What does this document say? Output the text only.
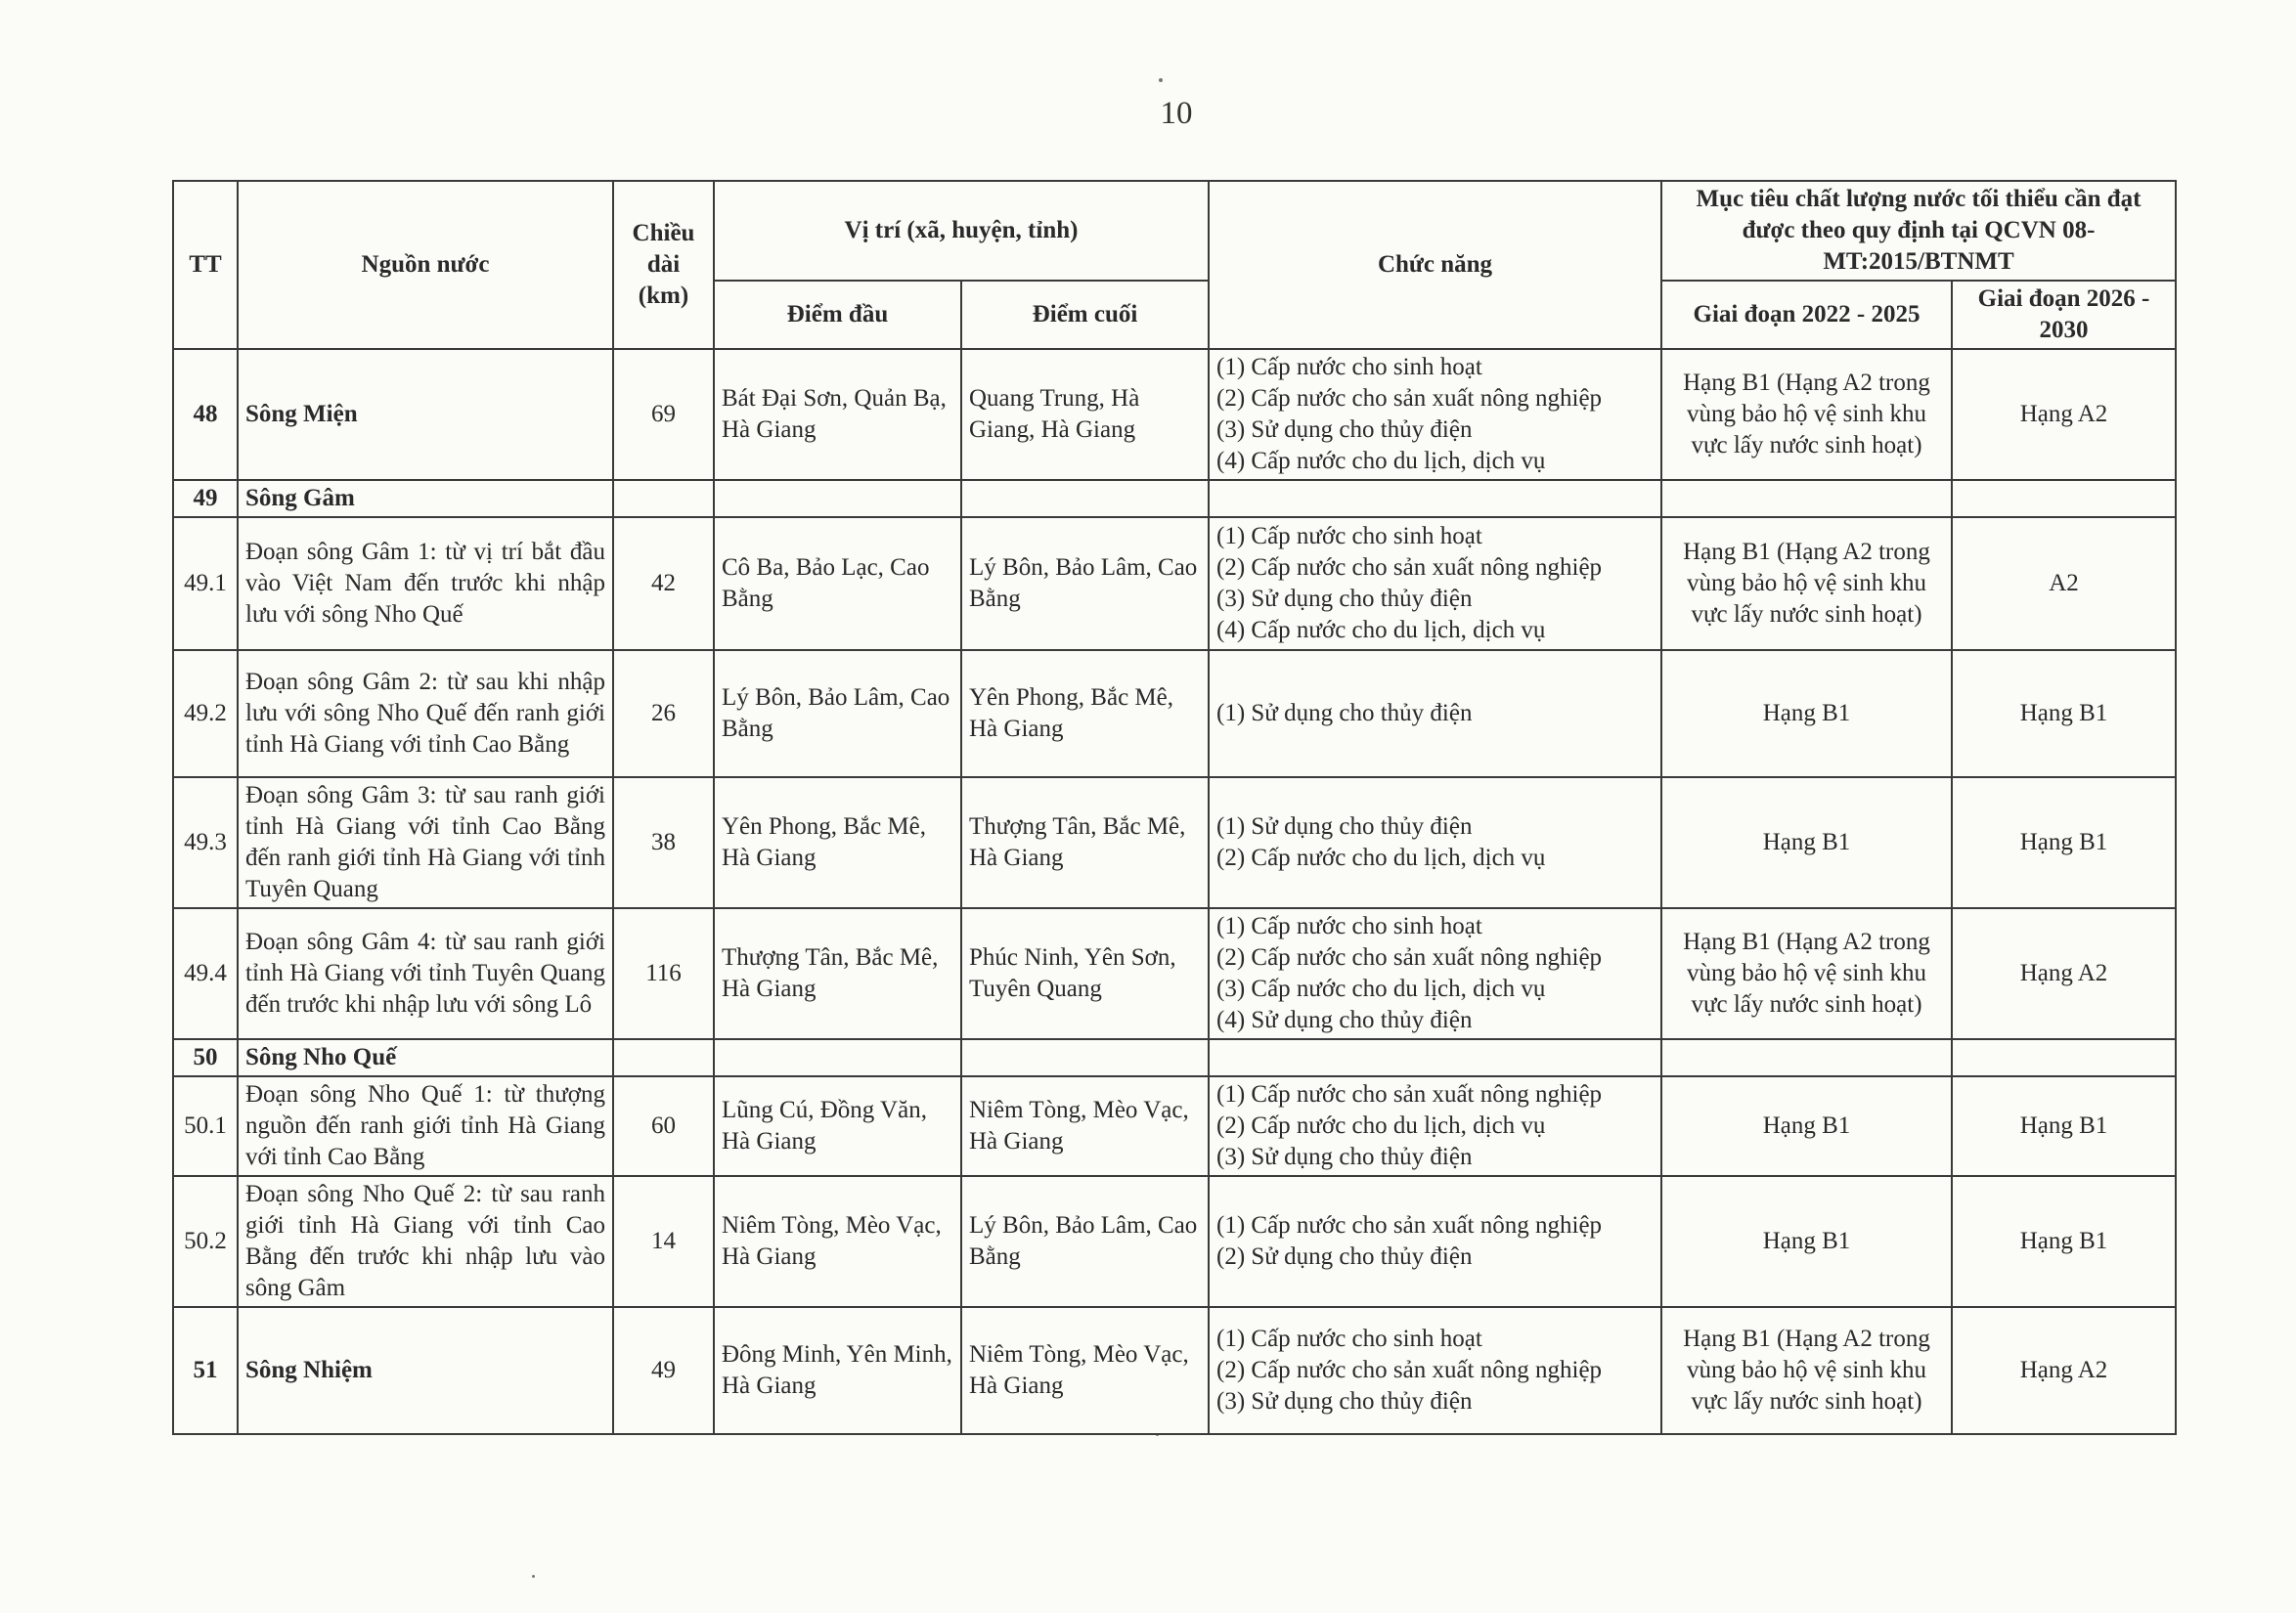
10
TT	Nguồn nước	Chiều dài (km)	Vị trí (xã, huyện, tỉnh)		Chức năng	Mục tiêu chất lượng nước tối thiểu cần đạt được theo quy định tại QCVN 08-MT:2015/BTNMT	

			Điểm đầu	Điểm cuối		Giai đoạn 2022 - 2025	Giai đoạn 2026 - 2030
48	Sông Miện	69	Bát Đại Sơn, Quản Bạ, Hà Giang	Quang Trung, Hà Giang, Hà Giang	(1) Cấp nước cho sinh hoạt
(2) Cấp nước cho sản xuất nông nghiệp
(3) Sử dụng cho thủy điện
(4) Cấp nước cho du lịch, dịch vụ	Hạng B1 (Hạng A2 trong vùng bảo hộ vệ sinh khu vực lấy nước sinh hoạt)	Hạng A2
49	Sông Gâm						
49.1	Đoạn sông Gâm 1: từ vị trí bắt đầu vào Việt Nam đến trước khi nhập lưu với sông Nho Quế	42	Cô Ba, Bảo Lạc, Cao Bằng	Lý Bôn, Bảo Lâm, Cao Bằng	(1) Cấp nước cho sinh hoạt
(2) Cấp nước cho sản xuất nông nghiệp
(3) Sử dụng cho thủy điện
(4) Cấp nước cho du lịch, dịch vụ	Hạng B1 (Hạng A2 trong vùng bảo hộ vệ sinh khu vực lấy nước sinh hoạt)	A2
49.2	Đoạn sông Gâm 2: từ sau khi nhập lưu với sông Nho Quế đến ranh giới tỉnh Hà Giang với tỉnh Cao Bằng	26	Lý Bôn, Bảo Lâm, Cao Bằng	Yên Phong, Bắc Mê, Hà Giang	(1) Sử dụng cho thủy điện	Hạng B1	Hạng B1
49.3	Đoạn sông Gâm 3: từ sau ranh giới tỉnh Hà Giang với tỉnh Cao Bằng đến ranh giới tỉnh Hà Giang với tỉnh Tuyên Quang	38	Yên Phong, Bắc Mê, Hà Giang	Thượng Tân, Bắc Mê, Hà Giang	(1) Sử dụng cho thủy điện
(2) Cấp nước cho du lịch, dịch vụ	Hạng B1	Hạng B1
49.4	Đoạn sông Gâm 4: từ sau ranh giới tỉnh Hà Giang với tỉnh Tuyên Quang đến trước khi nhập lưu với sông Lô	116	Thượng Tân, Bắc Mê, Hà Giang	Phúc Ninh, Yên Sơn, Tuyên Quang	(1) Cấp nước cho sinh hoạt
(2) Cấp nước cho sản xuất nông nghiệp
(3) Cấp nước cho du lịch, dịch vụ
(4) Sử dụng cho thủy điện	Hạng B1 (Hạng A2 trong vùng bảo hộ vệ sinh khu vực lấy nước sinh hoạt)	Hạng A2
50	Sông Nho Quế						
50.1	Đoạn sông Nho Quế 1: từ thượng nguồn đến ranh giới tỉnh Hà Giang với tỉnh Cao Bằng	60	Lũng Cú, Đồng Văn, Hà Giang	Niêm Tòng, Mèo Vạc, Hà Giang	(1) Cấp nước cho sản xuất nông nghiệp
(2) Cấp nước cho du lịch, dịch vụ
(3) Sử dụng cho thủy điện	Hạng B1	Hạng B1
50.2	Đoạn sông Nho Quế 2: từ sau ranh giới tỉnh Hà Giang với tỉnh Cao Bằng đến trước khi nhập lưu vào sông Gâm	14	Niêm Tòng, Mèo Vạc, Hà Giang	Lý Bôn, Bảo Lâm, Cao Bằng	(1) Cấp nước cho sản xuất nông nghiệp
(2) Sử dụng cho thủy điện	Hạng B1	Hạng B1
51	Sông Nhiệm	49	Đông Minh, Yên Minh, Hà Giang	Niêm Tòng, Mèo Vạc, Hà Giang	(1) Cấp nước cho sinh hoạt
(2) Cấp nước cho sản xuất nông nghiệp
(3) Sử dụng cho thủy điện	Hạng B1 (Hạng A2 trong vùng bảo hộ vệ sinh khu vực lấy nước sinh hoạt)	Hạng A2
